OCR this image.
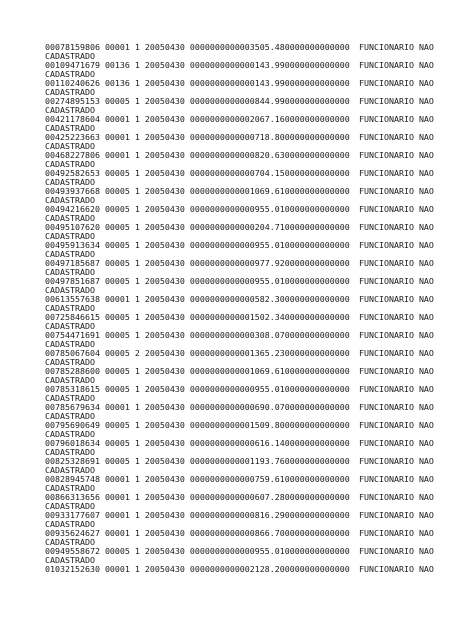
00078159806 00001 1 20050430 0000000000003505.480000000000000 FUNCIONARIO NAO
CADASTRADO
00109471679 00136 1 20050430 0000000000000143.990000000000000 FUNCIONARIO NAO
CADASTRADO
00110240626 00136 1 20050430 0000000000000143.990000000000000 FUNCIONARIO NAO
CADASTRADO
00274895153 00005 1 20050430 0000000000000844.990000000000000 FUNCIONARIO NAO
CADASTRADO
00421178604 00001 1 20050430 0000000000002067.160000000000000 FUNCIONARIO NAO
CADASTRADO
00425223663 00001 1 20050430 0000000000000718.800000000000000 FUNCIONARIO NAO
CADASTRADO
00468227806 00001 1 20050430 0000000000000820.630000000000000 FUNCIONARIO NAO
CADASTRADO
00492582653 00005 1 20050430 0000000000000704.150000000000000 FUNCIONARIO NAO
CADASTRADO
00493937668 00005 1 20050430 0000000000001069.610000000000000 FUNCIONARIO NAO
CADASTRADO
00494216620 00005 1 20050430 0000000000000955.010000000000000 FUNCIONARIO NAO
CADASTRADO
00495107620 00005 1 20050430 0000000000000204.710000000000000 FUNCIONARIO NAO
CADASTRADO
00495913634 00005 1 20050430 0000000000000955.010000000000000 FUNCIONARIO NAO
CADASTRADO
00497185687 00005 1 20050430 0000000000000977.920000000000000 FUNCIONARIO NAO
CADASTRADO
00497851687 00005 1 20050430 0000000000000955.010000000000000 FUNCIONARIO NAO
CADASTRADO
00613557638 00001 1 20050430 0000000000000582.300000000000000 FUNCIONARIO NAO
CADASTRADO
00725846615 00005 1 20050430 0000000000001502.340000000000000 FUNCIONARIO NAO
CADASTRADO
00754471691 00005 1 20050430 0000000000000308.070000000000000 FUNCIONARIO NAO
CADASTRADO
00785067604 00005 2 20050430 0000000000001365.230000000000000 FUNCIONARIO NAO
CADASTRADO
00785288600 00005 1 20050430 0000000000001069.610000000000000 FUNCIONARIO NAO
CADASTRADO
00785318615 00005 1 20050430 0000000000000955.010000000000000 FUNCIONARIO NAO
CADASTRADO
00785679634 00001 1 20050430 0000000000000690.070000000000000 FUNCIONARIO NAO
CADASTRADO
00795690649 00005 1 20050430 0000000000001509.800000000000000 FUNCIONARIO NAO
CADASTRADO
00796018634 00005 1 20050430 0000000000000616.140000000000000 FUNCIONARIO NAO
CADASTRADO
00825328691 00005 1 20050430 0000000000001193.760000000000000 FUNCIONARIO NAO
CADASTRADO
00828945748 00001 1 20050430 0000000000000759.610000000000000 FUNCIONARIO NAO
CADASTRADO
00866313656 00001 1 20050430 0000000000000607.280000000000000 FUNCIONARIO NAO
CADASTRADO
00933177607 00001 1 20050430 0000000000000816.290000000000000 FUNCIONARIO NAO
CADASTRADO
00935624627 00001 1 20050430 0000000000000866.700000000000000 FUNCIONARIO NAO
CADASTRADO
00949558672 00005 1 20050430 0000000000000955.010000000000000 FUNCIONARIO NAO
CADASTRADO
01032152630 00001 1 20050430 0000000000002128.200000000000000 FUNCIONARIO NAO
